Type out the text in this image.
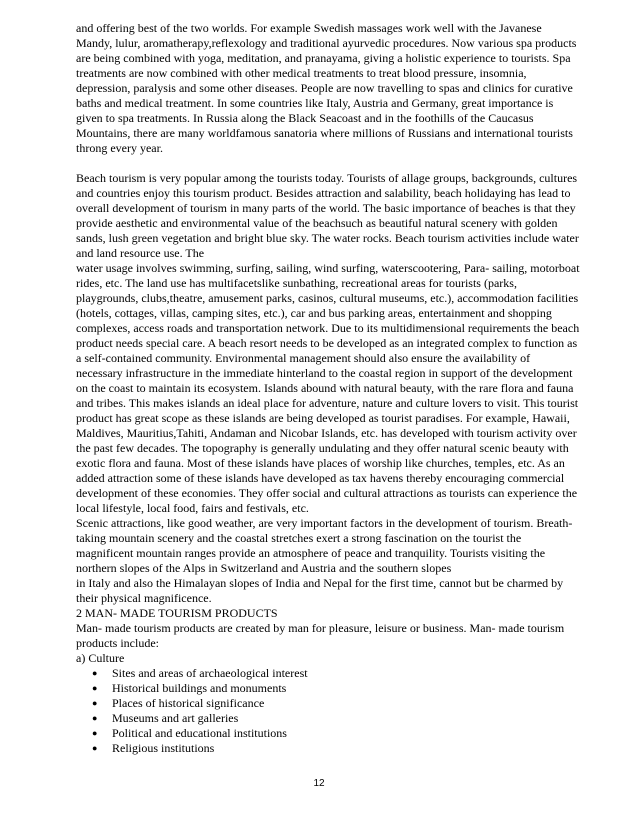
and offering best of the two worlds. For example Swedish massages work well with the Javanese
Mandy, lulur, aromatherapy,reflexology and traditional ayurvedic procedures. Now various spa products
are being combined with yoga, meditation, and pranayama, giving a holistic experience to tourists. Spa
treatments are now combined with other medical treatments to treat blood pressure, insomnia,
depression, paralysis and some other diseases. People are now travelling to spas and clinics for curative
baths and medical treatment. In some countries like Italy, Austria and Germany, great importance is
given to spa treatments. In Russia along the Black Seacoast and in the foothills of the Caucasus
Mountains, there are many worldfamous sanatoria where millions of Russians and international tourists
throng every year.
Beach tourism is very popular among the tourists today. Tourists of allage groups, backgrounds, cultures
and countries enjoy this tourism product. Besides attraction and salability, beach holidaying has lead to
overall development of tourism in many parts of the world. The basic importance of beaches is that they
provide aesthetic and environmental value of the beachsuch as beautiful natural scenery with golden
sands, lush green vegetation and bright blue sky. The water rocks. Beach tourism activities include water
and land resource use. The
water usage involves swimming, surfing, sailing, wind surfing, waterscootering, Para- sailing, motorboat
rides, etc. The land use has multifacetslike sunbathing, recreational areas for tourists (parks,
playgrounds, clubs,theatre, amusement parks, casinos, cultural museums, etc.), accommodation facilities
(hotels, cottages, villas, camping sites, etc.), car and bus parking areas, entertainment and shopping
complexes, access roads and transportation network. Due to its multidimensional requirements the beach
product needs special care. A beach resort needs to be developed as an integrated complex to function as
a self-contained community. Environmental management should also ensure the availability of
necessary infrastructure in the immediate hinterland to the coastal region in support of the development
on the coast to maintain its ecosystem. Islands abound with natural beauty, with the rare flora and fauna
and tribes. This makes islands an ideal place for adventure, nature and culture lovers to visit. This tourist
product has great scope as these islands are being developed as tourist paradises. For example, Hawaii,
Maldives, Mauritius,Tahiti, Andaman and Nicobar Islands, etc. has developed with tourism activity over
the past few decades. The topography is generally undulating and they offer natural scenic beauty with
exotic flora and fauna. Most of these islands have places of worship like churches, temples, etc. As an
added attraction some of these islands have developed as tax havens thereby encouraging commercial
development of these economies. They offer social and cultural attractions as tourists can experience the
local lifestyle, local food, fairs and festivals, etc.
Scenic attractions, like good weather, are very important factors in the development of tourism. Breath-
taking mountain scenery and the coastal stretches exert a strong fascination on the tourist the
magnificent mountain ranges provide an atmosphere of peace and tranquility. Tourists visiting the
northern slopes of the Alps in Switzerland and Austria and the southern slopes
in Italy and also the Himalayan slopes of India and Nepal for the first time, cannot but be charmed by
their physical magnificence.
2 MAN- MADE TOURISM PRODUCTS
Man- made tourism products are created by man for pleasure, leisure or business. Man- made tourism
products include:
a) Culture
● Sites and areas of archaeological interest
● Historical buildings and monuments
● Places of historical significance
● Museums and art galleries
● Political and educational institutions
● Religious institutions
12
